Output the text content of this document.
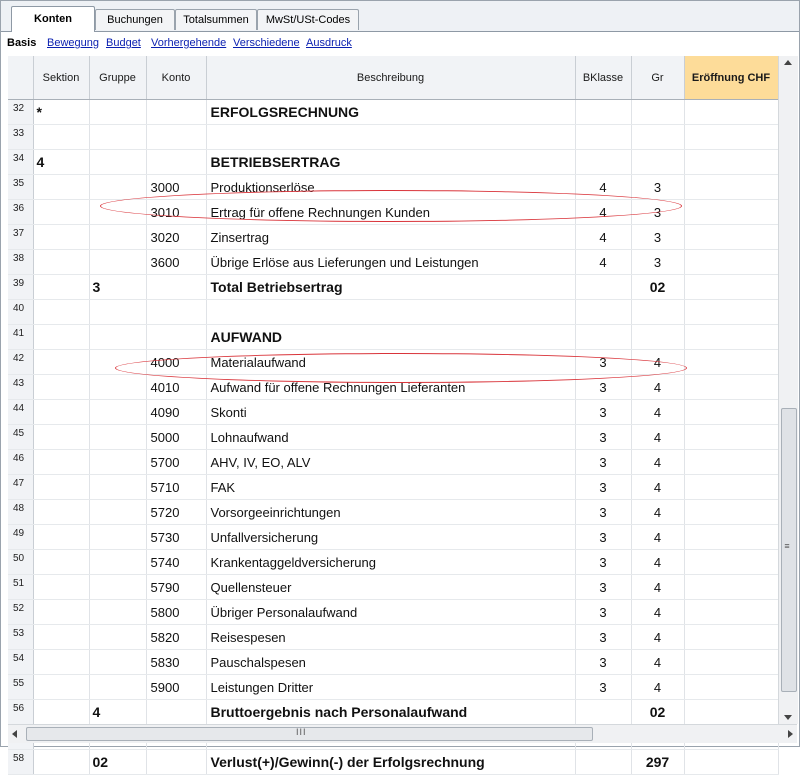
Konten	Buchungen	Totalsummen	MwSt/USt-Codes
Basis Bewegung Budget Vorhergehende Verschiedene Ausdruck
	Sektion	Gruppe	Konto	Beschreibung	BKlasse	Gr	Eröffnung CHF
32	*			ERFOLGSRECHNUNG			
33							
34	4			BETRIEBSERTRAG			
35			3000	Produktionserlöse	4	3	
36			3010	Ertrag für offene Rechnungen Kunden	4	3	
37			3020	Zinsertrag	4	3	
38			3600	Übrige Erlöse aus Lieferungen und Leistungen	4	3	
39		3		Total Betriebsertrag		02	
40							
41				AUFWAND			
42			4000	Materialaufwand	3	4	
43			4010	Aufwand für offene Rechnungen Lieferanten	3	4	
44			4090	Skonti	3	4	
45			5000	Lohnaufwand	3	4	
46			5700	AHV, IV, EO, ALV	3	4	
47			5710	FAK	3	4	
48			5720	Vorsorgeeinrichtungen	3	4	
49			5730	Unfallversicherung	3	4	
50			5740	Krankentaggeldversicherung	3	4	
51			5790	Quellensteuer	3	4	
52			5800	Übriger Personalaufwand	3	4	
53			5820	Reisespesen	3	4	
54			5830	Pauschalspesen	3	4	
55			5900	Leistungen Dritter	3	4	
56		4		Bruttoergebnis nach Personalaufwand		02	

58		02		Verlust(+)/Gewinn(-) der Erfolgsrechnung		297	
≡
III
